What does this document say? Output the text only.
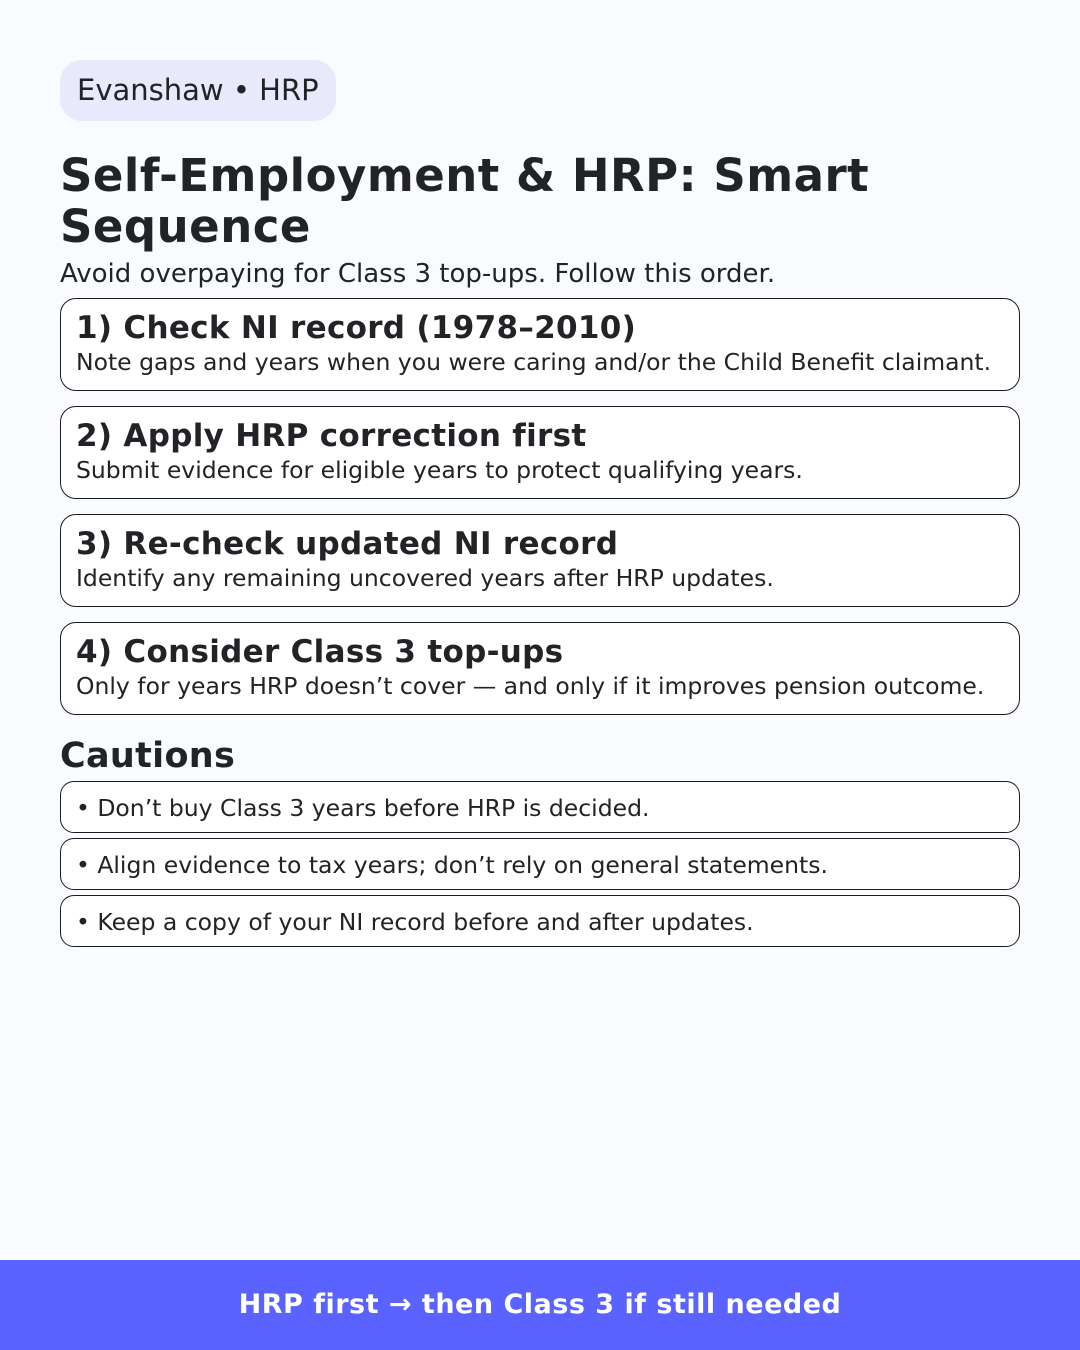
Evanshaw • HRP
Self-Employment & HRP: Smart Sequence
Avoid overpaying for Class 3 top-ups. Follow this order.
1) Check NI record (1978–2010)
Note gaps and years when you were caring and/or the Child Benefit claimant.
2) Apply HRP correction first
Submit evidence for eligible years to protect qualifying years.
3) Re-check updated NI record
Identify any remaining uncovered years after HRP updates.
4) Consider Class 3 top-ups
Only for years HRP doesn’t cover — and only if it improves pension outcome.
Cautions
• Don’t buy Class 3 years before HRP is decided.
• Align evidence to tax years; don’t rely on general statements.
• Keep a copy of your NI record before and after updates.
HRP first → then Class 3 if still needed
